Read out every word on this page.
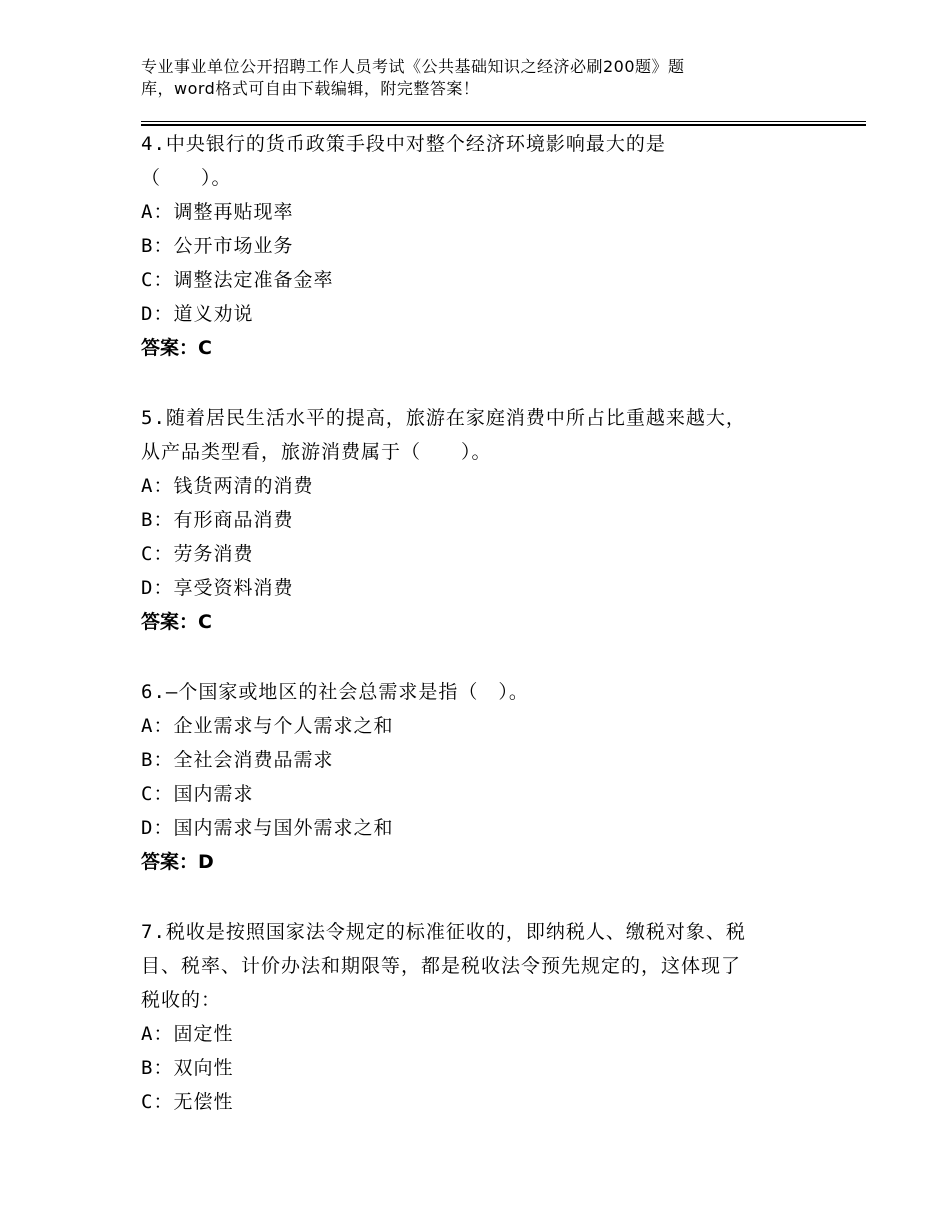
专业事业单位公开招聘工作人员考试《公共基础知识之经济必刷200题》题
库，word格式可自由下载编辑，附完整答案！
4.中央银行的货币政策手段中对整个经济环境影响最大的是
（　　）。
A：调整再贴现率
B：公开市场业务
C：调整法定准备金率
D：道义劝说
答案：C
5.随着居民生活水平的提高，旅游在家庭消费中所占比重越来越大，
从产品类型看，旅游消费属于（　　）。
A：钱货两清的消费
B：有形商品消费
C：劳务消费
D：享受资料消费
答案：C
6.—个国家或地区的社会总需求是指（　）。
A：企业需求与个人需求之和
B：全社会消费品需求
C：国内需求
D：国内需求与国外需求之和
答案：D
7.税收是按照国家法令规定的标准征收的，即纳税人、缴税对象、税
目、税率、计价办法和期限等，都是税收法令预先规定的，这体现了
税收的：
A：固定性
B：双向性
C：无偿性
